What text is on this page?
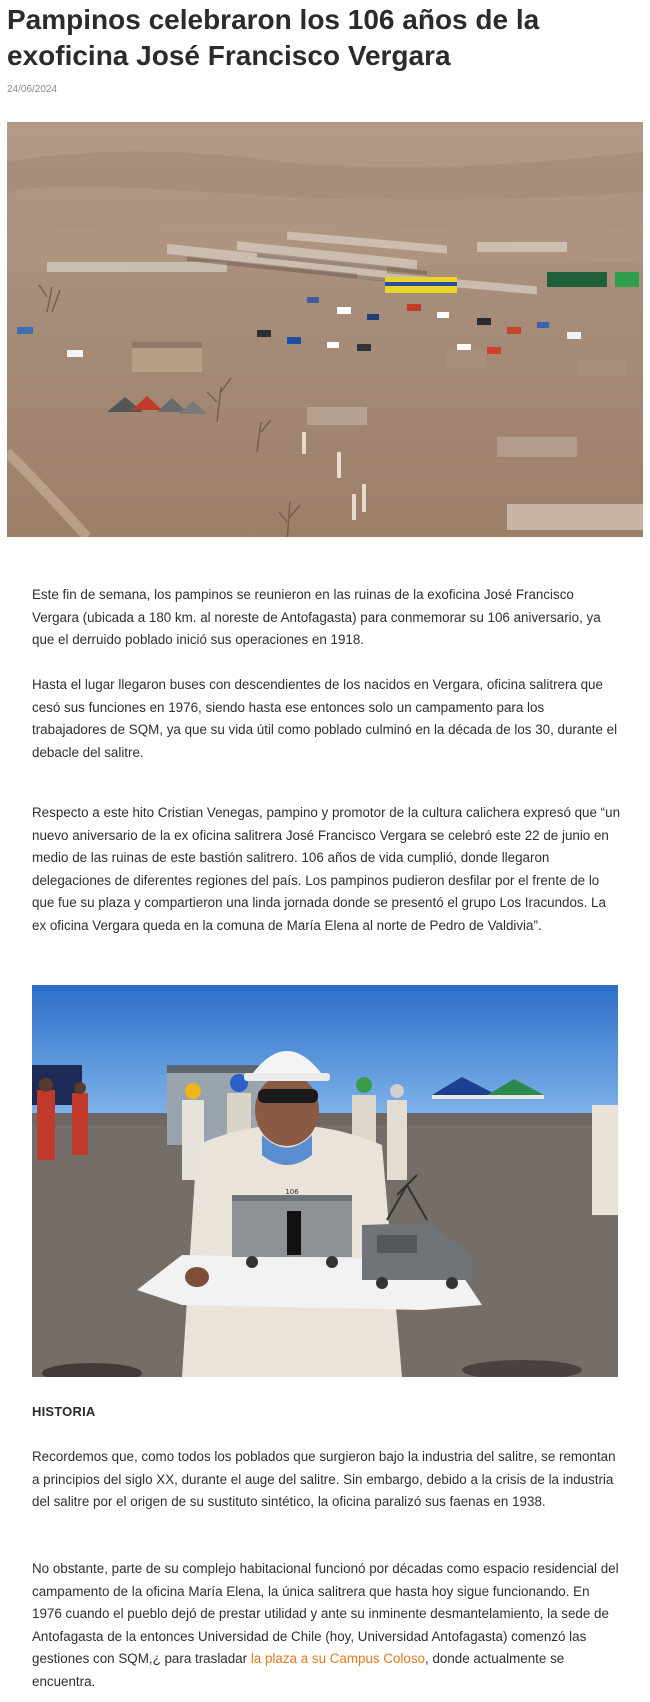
Pampinos celebraron los 106 años de la exoficina José Francisco Vergara
24/06/2024

Este fin de semana, los pampinos se reunieron en las ruinas de la exoficina José Francisco Vergara (ubicada a 180 km. al noreste de Antofagasta) para conmemorar su 106 aniversario, ya que el derruido poblado inició sus operaciones en 1918.

Hasta el lugar llegaron buses con descendientes de los nacidos en Vergara, oficina salitrera que cesó sus funciones en 1976, siendo hasta ese entonces solo un campamento para los trabajadores de SQM, ya que su vida útil como poblado culminó en la década de los 30, durante el debacle del salitre.

Respecto a este hito Cristian Venegas, pampino y promotor de la cultura calichera expresó que “un nuevo aniversario de la ex oficina salitrera José Francisco Vergara se celebró este 22 de junio en medio de las ruinas de este bastión salitrero. 106 años de vida cumplió, donde llegaron delegaciones de diferentes regiones del país. Los pampinos pudieron desfilar por el frente de lo que fue su plaza y compartieron una linda jornada donde se presentó el grupo Los Iracundos. La ex oficina Vergara queda en la comuna de María Elena al norte de Pedro de Valdivia”.

106
HISTORIA

Recordemos que, como todos los poblados que surgieron bajo la industria del salitre, se remontan a principios del siglo XX, durante el auge del salitre. Sin embargo, debido a la crisis de la industria del salitre por el origen de su sustituto sintético, la oficina paralizó sus faenas en 1938.

No obstante, parte de su complejo habitacional funcionó por décadas como espacio residencial del campamento de la oficina María Elena, la única salitrera que hasta hoy sigue funcionando. En 1976 cuando el pueblo dejó de prestar utilidad y ante su inminente desmantelamiento, la sede de Antofagasta de la entonces Universidad de Chile (hoy, Universidad Antofagasta) comenzó las gestiones con SQM,¿ para trasladar la plaza a su Campus Coloso, donde actualmente se encuentra.
